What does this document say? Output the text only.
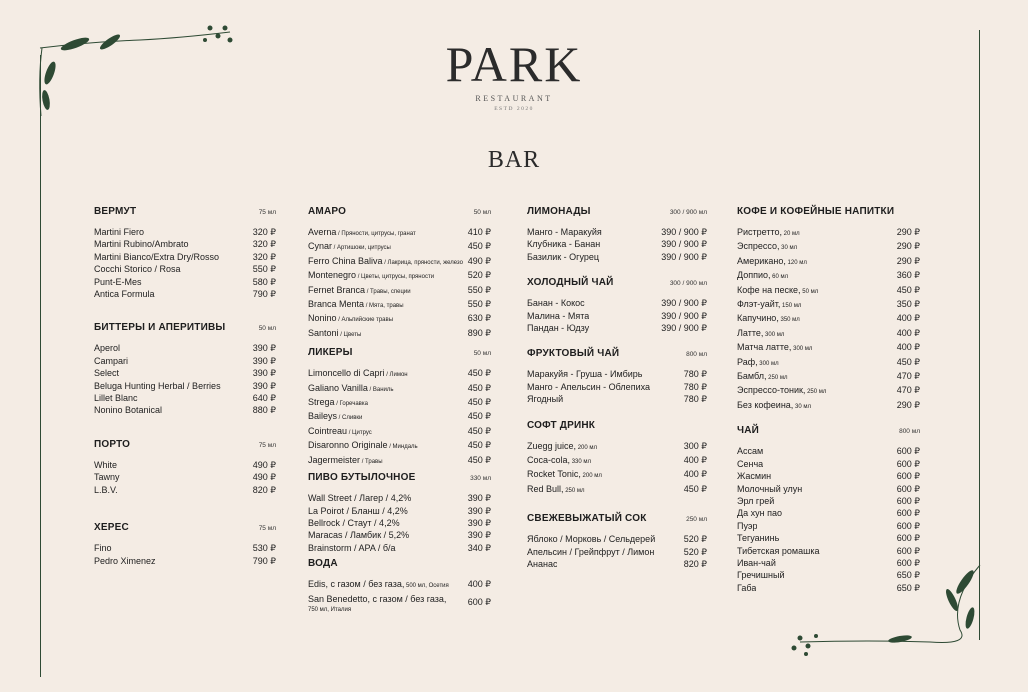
PARK
RESTAURANT
ESTD 2020
BAR
ВЕРМУТ	75 мл
Martini Fiero	320 ₽
Martini Rubino/Ambrato	320 ₽
Martini Bianco/Extra Dry/Rosso	320 ₽
Cocchi Storico / Rosa	550 ₽
Punt-E-Mes	580 ₽
Antica Formula	790 ₽
БИТТЕРЫ И АПЕРИТИВЫ	50 мл
Aperol	390 ₽
Campari	390 ₽
Select	390 ₽
Beluga Hunting Herbal / Berries	390 ₽
Lillet Blanc	640 ₽
Nonino Botanical	880 ₽
ПОРТО	75 мл
White	490 ₽
Tawny	490 ₽
L.B.V.	820 ₽
ХЕРЕС	75 мл
Fino	530 ₽
Pedro Ximenez	790 ₽
АМАРО	50 мл
Averna / Пряности, цитрусы, гранат	410 ₽
Cynar / Артишоки, цитрусы	450 ₽
Ferro China Baliva / Лакрица, пряности, железо 490 ₽
Montenegro / Цветы, цитрусы, пряности	520 ₽
Fernet Branca / Травы, специи	550 ₽
Branca Menta / Мята, травы	550 ₽
Nonino / Альпийские травы	630 ₽
Santoni / Цветы	890 ₽
ЛИКЕРЫ	50 мл
Limoncello di Capri / Лимон	450 ₽
Galiano Vanilla / Ваниль	450 ₽
Strega / Горечавка	450 ₽
Baileys / Сливки	450 ₽
Cointreau / Цитрус	450 ₽
Disaronno Originale / Миндаль	450 ₽
Jagermeister / Травы	450 ₽
ПИВО БУТЫЛОЧНОЕ	330 мл
Wall Street / Лагер / 4,2%	390 ₽
La Poirot / Бланш / 4,2%	390 ₽
Bellrock / Стаут / 4,2%	390 ₽
Maracas / Ламбик / 5,2%	390 ₽
Brainstorm / APA / б/а	340 ₽
ВОДА
Edis, с газом / без газа, 500 мл, Осетия 400 ₽
San Benedetto, с газом / без газа,
750 мл, Италия
600 ₽
ЛИМОНАДЫ	300 / 900 мл
Манго - Маракуйя	390 / 900 ₽
Клубника - Банан	390 / 900 ₽
Базилик - Огурец	390 / 900 ₽
ХОЛОДНЫЙ ЧАЙ	300 / 900 мл
Банан - Кокос	390 / 900 ₽
Малина - Мята	390 / 900 ₽
Пандан - Юдзу	390 / 900 ₽
ФРУКТОВЫЙ ЧАЙ	800 мл
Маракуйя - Груша - Имбирь	780 ₽
Манго - Апельсин - Облепиха	780 ₽
Ягодный	780 ₽
СОФТ ДРИНК
Zuegg juice, 200 мл	300 ₽
Coca-cola, 330 мл	400 ₽
Rocket Tonic, 200 мл	400 ₽
Red Bull, 250 мл	450 ₽
СВЕЖЕВЫЖАТЫЙ СОК	250 мл
Яблоко / Морковь / Сельдерей	520 ₽
Апельсин / Грейпфрут / Лимон	520 ₽
Ананас	820 ₽
КОФЕ И КОФЕЙНЫЕ НАПИТКИ
Ристретто, 20 мл	290 ₽
Эспрессо, 30 мл	290 ₽
Американо, 120 мл	290 ₽
Доппио, 60 мл	360 ₽
Кофе на песке, 50 мл	450 ₽
Флэт-уайт, 150 мл	350 ₽
Капучино, 350 мл	400 ₽
Латте, 300 мл	400 ₽
Матча латте, 300 мл	400 ₽
Раф, 300 мл	450 ₽
Бамбл, 250 мл	470 ₽
Эспрессо-тоник, 250 мл	470 ₽
Без кофеина, 30 мл	290 ₽
ЧАЙ	800 мл
Ассам	600 ₽
Сенча	600 ₽
Жасмин	600 ₽
Молочный улун	600 ₽
Эрл грей	600 ₽
Да хун пао	600 ₽
Пуэр	600 ₽
Тегуанинь	600 ₽
Тибетская ромашка	600 ₽
Иван-чай	600 ₽
Гречишный	650 ₽
Габа	650 ₽
